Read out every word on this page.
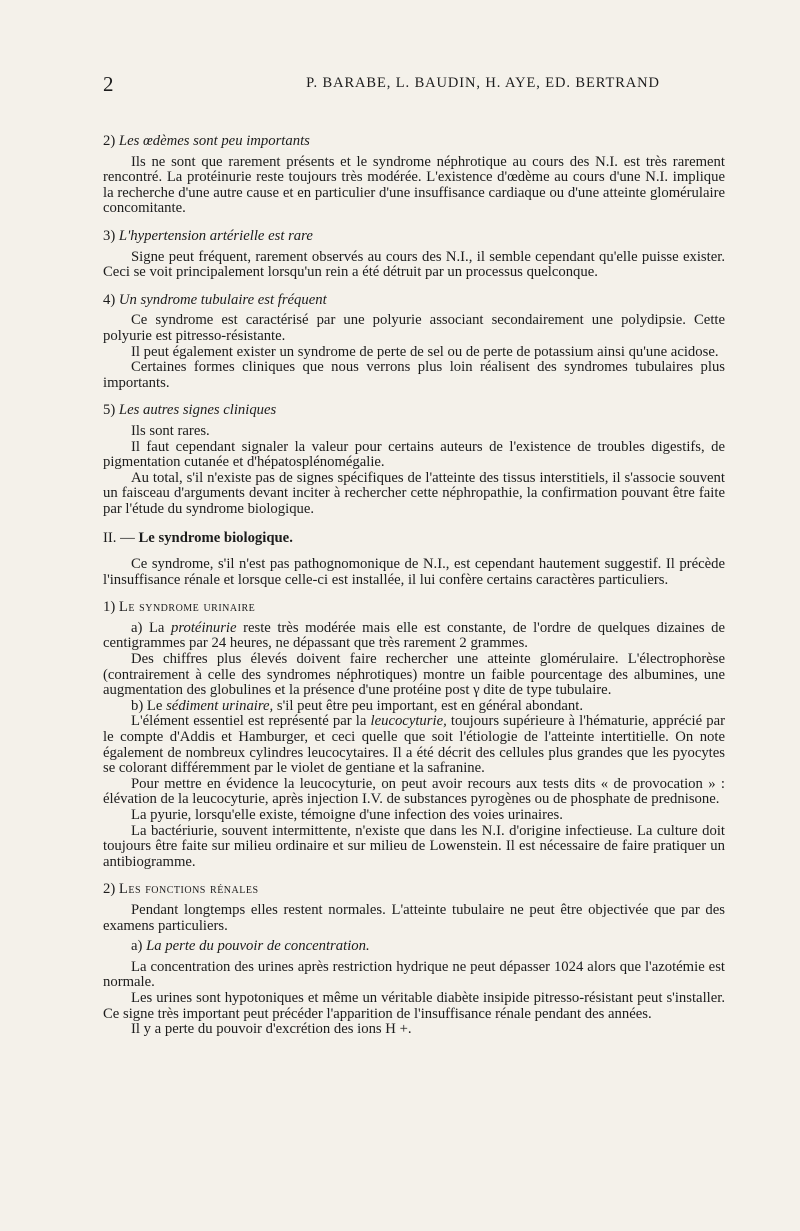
2	P. BARABE, L. BAUDIN, H. AYE, ED. BERTRAND

2) Les œdèmes sont peu importants

Ils ne sont que rarement présents et le syndrome néphrotique au cours des N.I. est très rarement rencontré. La protéinurie reste toujours très modérée. L'existence d'œdème au cours d'une N.I. implique la recherche d'une autre cause et en particulier d'une insuffisance cardiaque ou d'une atteinte glomérulaire concomitante.

3) L'hypertension artérielle est rare

Signe peut fréquent, rarement observés au cours des N.I., il semble cependant qu'elle puisse exister. Ceci se voit principalement lorsqu'un rein a été détruit par un processus quelconque.

4) Un syndrome tubulaire est fréquent

Ce syndrome est caractérisé par une polyurie associant secondairement une polydipsie. Cette polyurie est pitresso-résistante.

Il peut également exister un syndrome de perte de sel ou de perte de potassium ainsi qu'une acidose.

Certaines formes cliniques que nous verrons plus loin réalisent des syndromes tubulaires plus importants.

5) Les autres signes cliniques

Ils sont rares.

Il faut cependant signaler la valeur pour certains auteurs de l'existence de troubles digestifs, de pigmentation cutanée et d'hépatosplénomégalie.

Au total, s'il n'existe pas de signes spécifiques de l'atteinte des tissus interstitiels, il s'associe souvent un faisceau d'arguments devant inciter à rechercher cette néphropathie, la confirmation pouvant être faite par l'étude du syndrome biologique.

II. — Le syndrome biologique.

Ce syndrome, s'il n'est pas pathognomonique de N.I., est cependant hautement suggestif. Il précède l'insuffisance rénale et lorsque celle-ci est installée, il lui confère certains caractères particuliers.

1) Le syndrome urinaire

a) La protéinurie reste très modérée mais elle est constante, de l'ordre de quelques dizaines de centigrammes par 24 heures, ne dépassant que très rarement 2 grammes.

Des chiffres plus élevés doivent faire rechercher une atteinte glomérulaire. L'électrophorèse (contrairement à celle des syndromes néphrotiques) montre un faible pourcentage des albumines, une augmentation des globulines et la présence d'une protéine post γ dite de type tubulaire.

b) Le sédiment urinaire, s'il peut être peu important, est en général abondant.

L'élément essentiel est représenté par la leucocyturie, toujours supérieure à l'hématurie, apprécié par le compte d'Addis et Hamburger, et ceci quelle que soit l'étiologie de l'atteinte intertitielle. On note également de nombreux cylindres leucocytaires. Il a été décrit des cellules plus grandes que les pyocytes se colorant différemment par le violet de gentiane et la safranine.

Pour mettre en évidence la leucocyturie, on peut avoir recours aux tests dits « de provocation » : élévation de la leucocyturie, après injection I.V. de substances pyrogènes ou de phosphate de prednisone.

La pyurie, lorsqu'elle existe, témoigne d'une infection des voies urinaires.

La bactériurie, souvent intermittente, n'existe que dans les N.I. d'origine infectieuse. La culture doit toujours être faite sur milieu ordinaire et sur milieu de Lowenstein. Il est nécessaire de faire pratiquer un antibiogramme.

2) Les fonctions rénales

Pendant longtemps elles restent normales. L'atteinte tubulaire ne peut être objectivée que par des examens particuliers.

a) La perte du pouvoir de concentration.

La concentration des urines après restriction hydrique ne peut dépasser 1024 alors que l'azotémie est normale.

Les urines sont hypotoniques et même un véritable diabète insipide pitresso-résistant peut s'installer. Ce signe très important peut précéder l'apparition de l'insuffisance rénale pendant des années.

Il y a perte du pouvoir d'excrétion des ions H +.
